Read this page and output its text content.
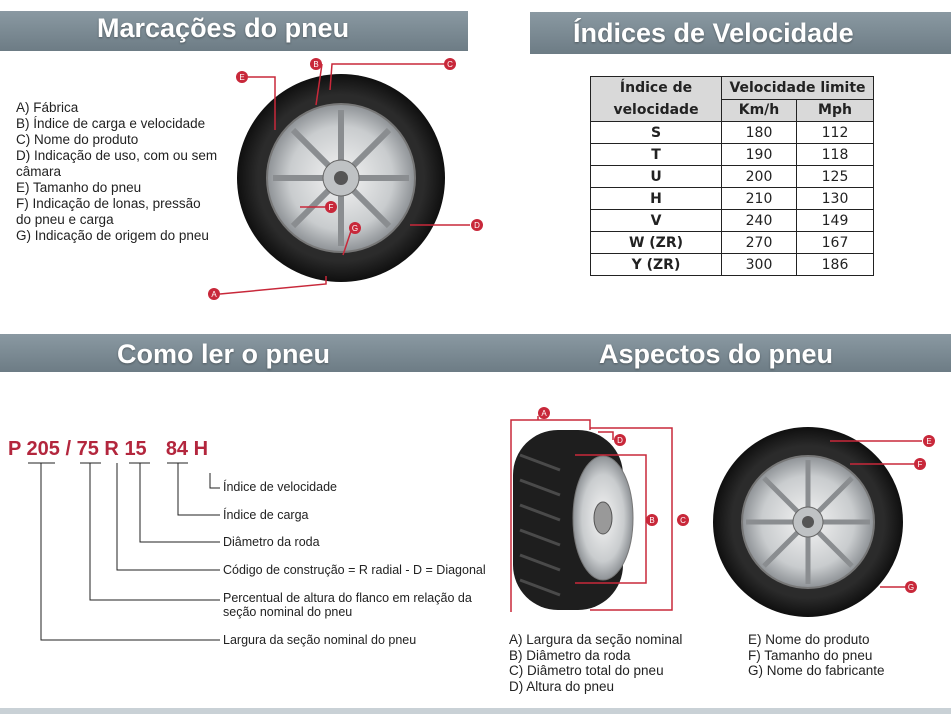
Marcações do pneu	Índices de Velocidade
Como ler o pneu	Aspectos do pneu
A) Fábrica
B) Índice de carga e velocidade
C) Nome do produto
D) Indicação de uso, com ou sem
câmara
E) Tamanho do pneu
F) Indicação de lonas, pressão
do pneu e carga
G) Indicação de origem do pneu
E
B	C
D
F
G
A
A
D
B	C
E
F
G
Índice de
velocidade	Velocidade limite	
	Km/h	Mph
S	180	112
T	190	118
U	200	125
H	210	130
V	240	149
W (ZR)	270	167
Y (ZR)	300	186
P 205 / 75 R 15 84 H
Índice de velocidade
Índice de carga
Diâmetro da roda
Código de construção = R radial - D = Diagonal
Percentual de altura do flanco em relação da
seção nominal do pneu
Largura da seção nominal do pneu	A) Largura da seção nominal
B) Diâmetro da roda
C) Diâmetro total do pneu
D) Altura do pneu
E) Nome do produto
F) Tamanho do pneu
G) Nome do fabricante
